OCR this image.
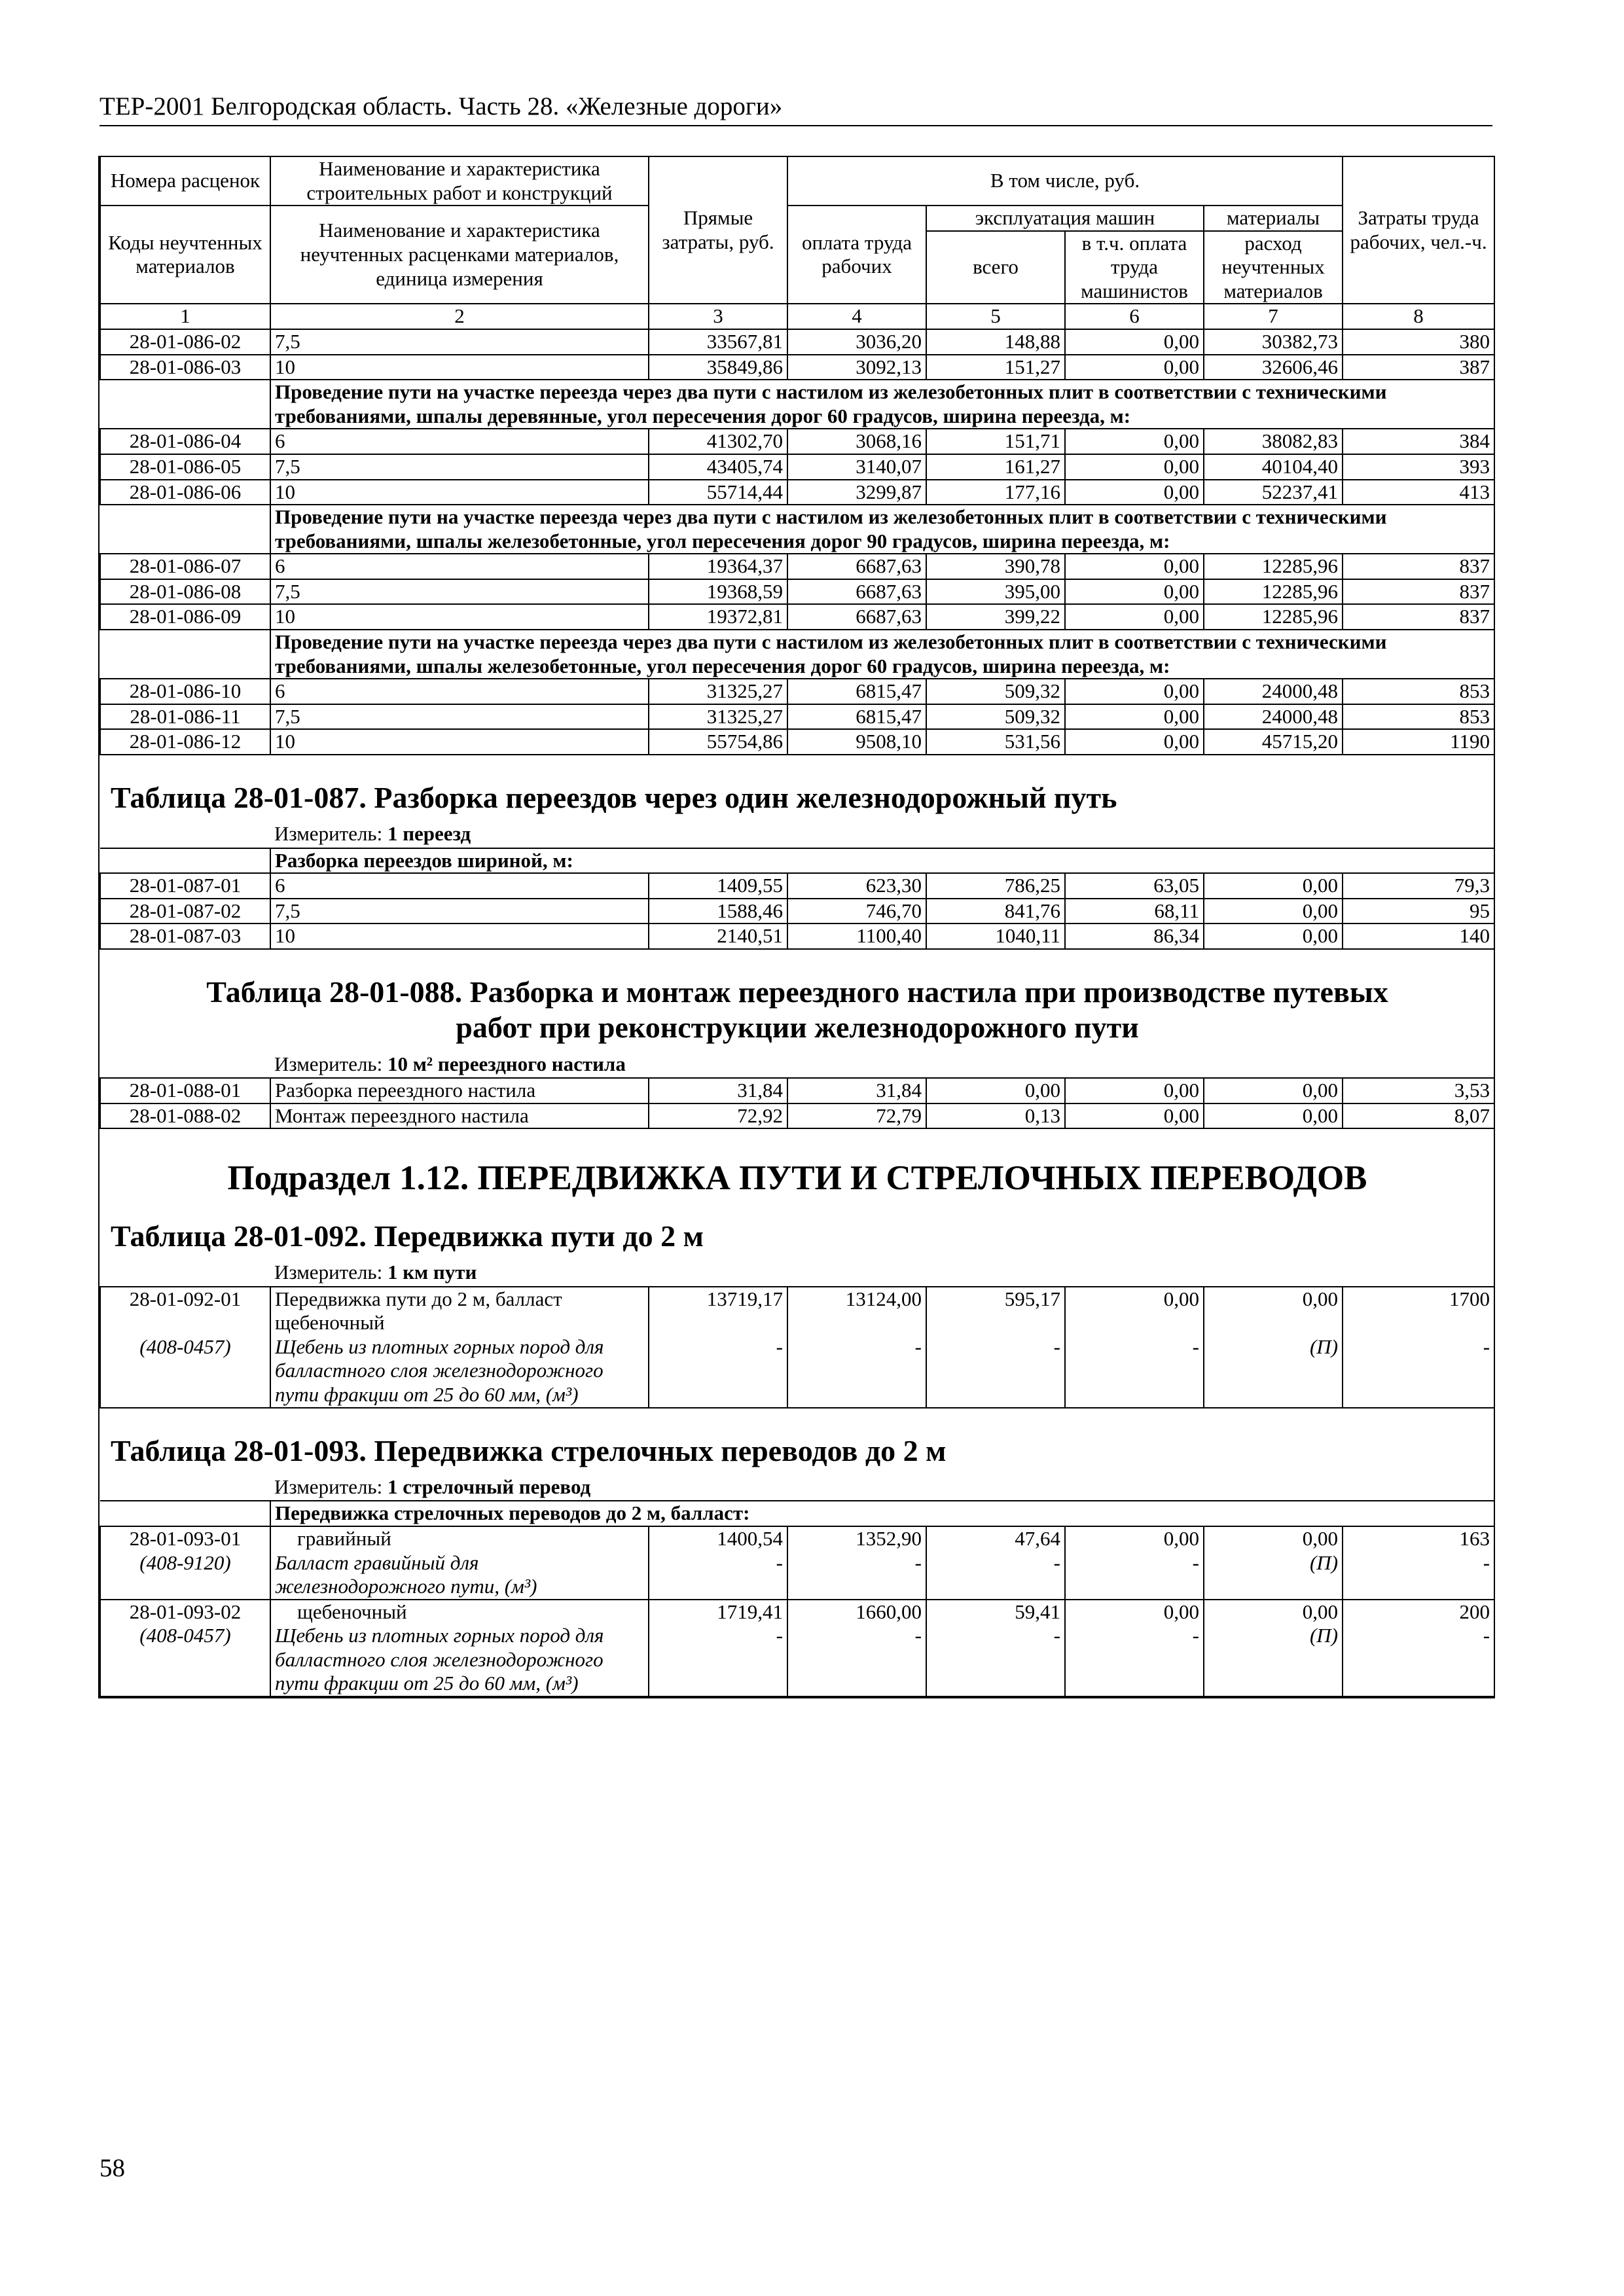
ТЕР-2001 Белгородская область. Часть 28. «Железные дороги»
Номера расценок	Наименование и характеристика строительных работ и конструкций	Прямые затраты, руб.	В том числе, руб.				Затраты труда рабочих, чел.-ч.
Коды неучтенных материалов	Наименование и характеристика неучтенных расценками материалов, единица измерения		оплата труда рабочих	эксплуатация машин		материалы	
				всего	в т.ч. оплата труда машинистов	расход неучтенных материалов	
1	2	3	4	5	6	7	8
28-01-086-02	7,5	33567,81	3036,20	148,88	0,00	30382,73	380
28-01-086-03	10	35849,86	3092,13	151,27	0,00	32606,46	387
	Проведение пути на участке переезда через два пути с настилом из железобетонных плит в соответствии с техническими требованиями, шпалы деревянные, угол пересечения дорог 60 градусов, ширина переезда, м:						
28-01-086-04	6	41302,70	3068,16	151,71	0,00	38082,83	384
28-01-086-05	7,5	43405,74	3140,07	161,27	0,00	40104,40	393
28-01-086-06	10	55714,44	3299,87	177,16	0,00	52237,41	413
	Проведение пути на участке переезда через два пути с настилом из железобетонных плит в соответствии с техническими требованиями, шпалы железобетонные, угол пересечения дорог 90 градусов, ширина переезда, м:						
28-01-086-07	6	19364,37	6687,63	390,78	0,00	12285,96	837
28-01-086-08	7,5	19368,59	6687,63	395,00	0,00	12285,96	837
28-01-086-09	10	19372,81	6687,63	399,22	0,00	12285,96	837
	Проведение пути на участке переезда через два пути с настилом из железобетонных плит в соответствии с техническими требованиями, шпалы железобетонные, угол пересечения дорог 60 градусов, ширина переезда, м:						
28-01-086-10	6	31325,27	6815,47	509,32	0,00	24000,48	853
28-01-086-11	7,5	31325,27	6815,47	509,32	0,00	24000,48	853
28-01-086-12	10	55754,86	9508,10	531,56	0,00	45715,20	1190
Таблица 28-01-087. Разборка переездов через один железнодорожный путь							
	Измеритель: 1 переезд						
	Разборка переездов шириной, м:						
28-01-087-01	6	1409,55	623,30	786,25	63,05	0,00	79,3
28-01-087-02	7,5	1588,46	746,70	841,76	68,11	0,00	95
28-01-087-03	10	2140,51	1100,40	1040,11	86,34	0,00	140
Таблица 28-01-088. Разборка и монтаж переездного настила при производстве путевых
работ при реконструкции железнодорожного пути							
	Измеритель: 10 м² переездного настила						
28-01-088-01	Разборка переездного настила	31,84	31,84	0,00	0,00	0,00	3,53
28-01-088-02	Монтаж переездного настила	72,92	72,79	0,13	0,00	0,00	8,07
Подраздел 1.12. ПЕРЕДВИЖКА ПУТИ И СТРЕЛОЧНЫХ ПЕРЕВОДОВ							
Таблица 28-01-092. Передвижка пути до 2 м							
	Измеритель: 1 км пути						
28-01-092-01	Передвижка пути до 2 м, балласт щебеночный	13719,17	13124,00	595,17	0,00	0,00	1700
(408-0457)	Щебень из плотных горных пород для балластного слоя железнодорожного пути фракции от 25 до 60 мм, (м³)	-	-	-	-	(П)	-
Таблица 28-01-093. Передвижка стрелочных переводов до 2 м							
	Измеритель: 1 стрелочный перевод						
	Передвижка стрелочных переводов до 2 м, балласт:						
28-01-093-01	гравийный	1400,54	1352,90	47,64	0,00	0,00	163
(408-9120)	Балласт гравийный для железнодорожного пути, (м³)	-	-	-	-	(П)	-
28-01-093-02	щебеночный	1719,41	1660,00	59,41	0,00	0,00	200
(408-0457)	Щебень из плотных горных пород для балластного слоя железнодорожного пути фракции от 25 до 60 мм, (м³)	-	-	-	-	(П)	-
58
